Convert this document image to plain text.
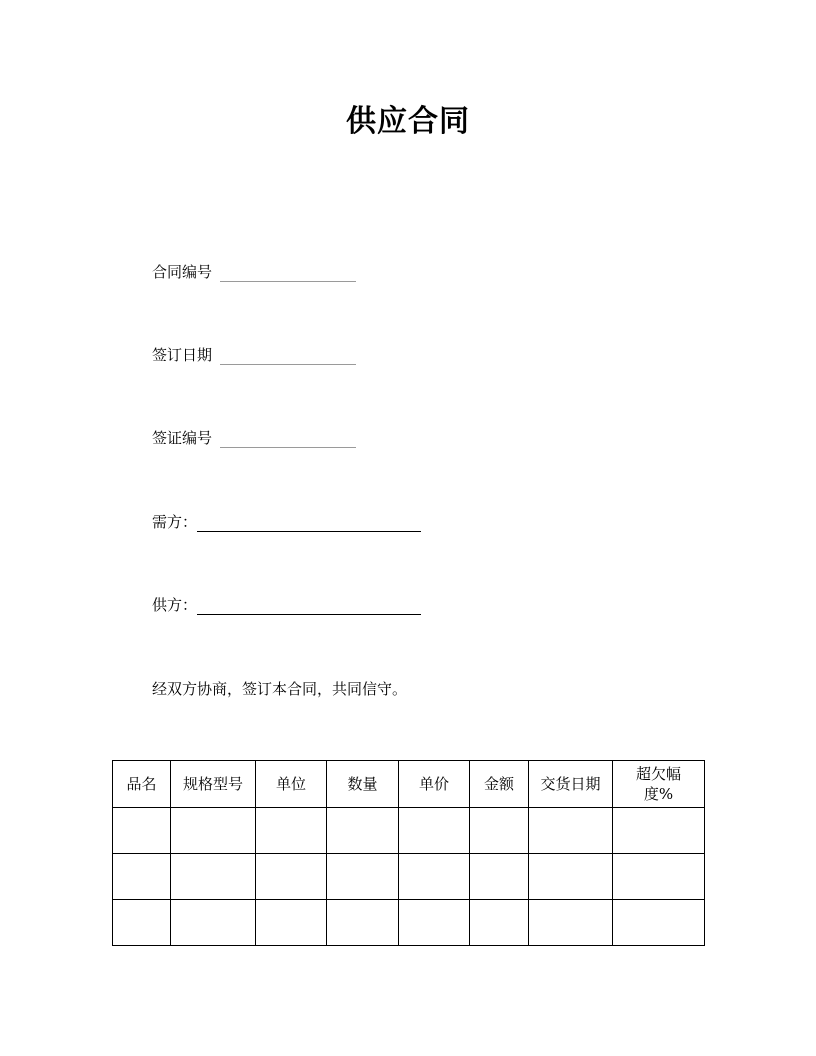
供应合同
合同编号
签订日期
签证编号
需方：
供方：
经双方协商，签订本合同，共同信守。
品名	规格型号	单位	数量	单价	金额	交货日期	超欠幅
度%
